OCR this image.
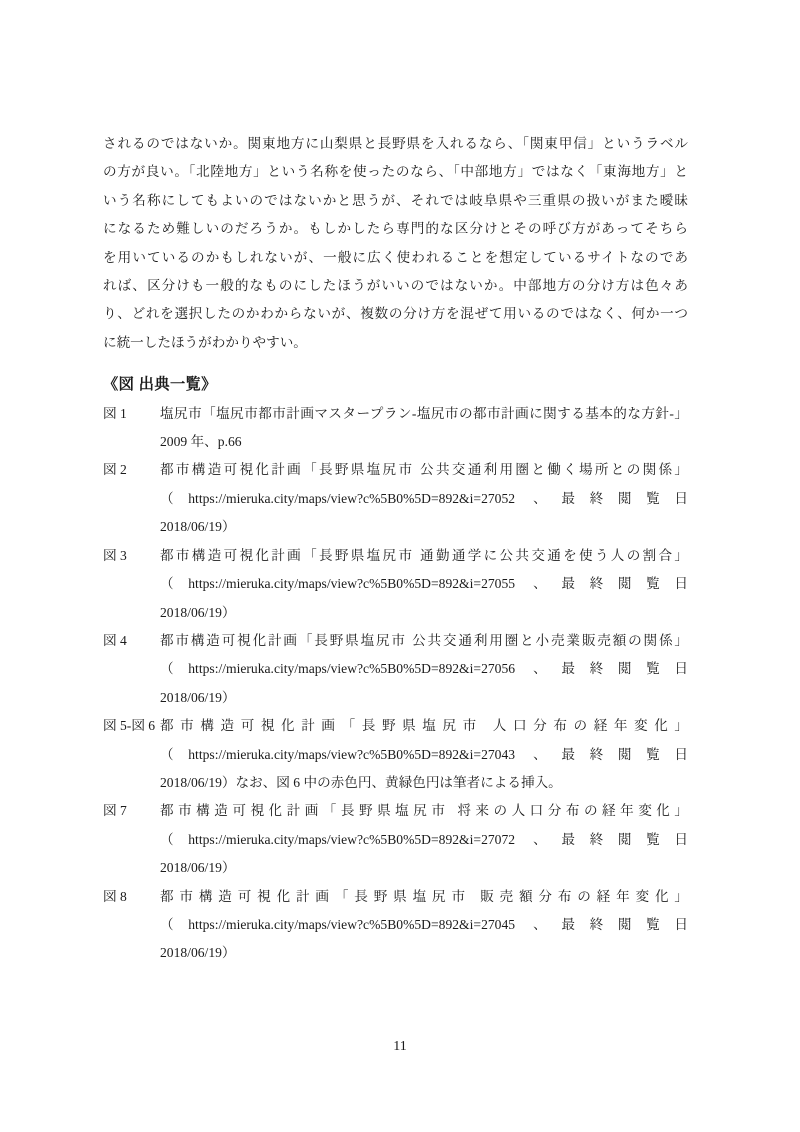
されるのではないか。関東地方に山梨県と長野県を入れるなら、「関東甲信」というラベル
の方が良い。「北陸地方」という名称を使ったのなら、「中部地方」ではなく「東海地方」と
いう名称にしてもよいのではないかと思うが、それでは岐阜県や三重県の扱いがまた曖昧
になるため難しいのだろうか。もしかしたら専門的な区分けとその呼び方があってそちら
を用いているのかもしれないが、一般に広く使われることを想定しているサイトなのであ
れば、区分けも一般的なものにしたほうがいいのではないか。中部地方の分け方は色々あ
り、どれを選択したのかわからないが、複数の分け方を混ぜて用いるのではなく、何か一つ
に統一したほうがわかりやすい。
《図 出典一覧》
図 1	塩尻市「塩尻市都市計画マスタープラン-塩尻市の都市計画に関する基本的な方針-」
2009 年、p.66
図 2	都市構造可視化計画「長野県塩尻市 公共交通利用圏と働く場所との関係」
（https://mieruka.city/maps/view?c%5B0%5D=892&i=27052 、最終閲覧日
2018/06/19）
図 3	都市構造可視化計画「長野県塩尻市 通勤通学に公共交通を使う人の割合」
（https://mieruka.city/maps/view?c%5B0%5D=892&i=27055 、最終閲覧日
2018/06/19）
図 4	都市構造可視化計画「長野県塩尻市 公共交通利用圏と小売業販売額の関係」
（https://mieruka.city/maps/view?c%5B0%5D=892&i=27056 、最終閲覧日
2018/06/19）
図 5-図 6 都市構造可視化計画「長野県塩尻市 人口分布の経年変化」
（https://mieruka.city/maps/view?c%5B0%5D=892&i=27043 、最終閲覧日
2018/06/19）なお、図 6 中の赤色円、黄緑色円は筆者による挿入。
図 7	都市構造可視化計画「長野県塩尻市 将来の人口分布の経年変化」
（https://mieruka.city/maps/view?c%5B0%5D=892&i=27072 、最終閲覧日
2018/06/19）
図 8	都市構造可視化計画「長野県塩尻市 販売額分布の経年変化」
（https://mieruka.city/maps/view?c%5B0%5D=892&i=27045 、最終閲覧日
2018/06/19）
11
